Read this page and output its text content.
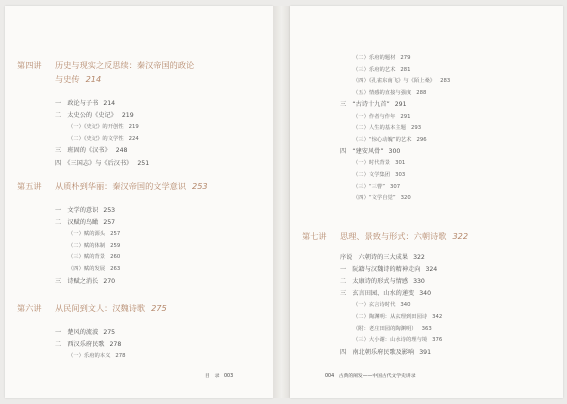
第四讲 历史与现实之反思续：秦汉帝国的政论
与史传 214
一　政论与子书 214
二　太史公的《史记》 219
（一）《史记》的开创性 219
（二）《史记》的文学性 224
三　班固的《汉书》 248
四　《三国志》与《后汉书》 251
第五讲 从质朴到华丽：秦汉帝国的文学意识 253
一　文学的意识 253
二　汉赋的鸟瞰 257
（一）赋的源头 257
（二）赋的体制 259
（三）赋的背景 260
（四）赋的发展 263
三　诗赋之消长 270
第六讲 从民间到文人：汉魏诗歌 275
一　楚风的流波 275
二　西汉乐府民歌 278
（一）乐府的本义 278
目　录 003
（二）乐府的题材 279
（三）乐府的艺术 281
（四）《孔雀东南飞》与《陌上桑》 283
（五）情感的直接与强度 288
三　“古诗十九首” 291
（一）作者与作年 291
（二）人生的基本主题 293
（三）“惊心动魄”的艺术 296
四　“建安风骨” 300
（一）时代背景 301
（二）文学集团 303
（三）“三曹” 307
（四）“文学自觉” 320
第七讲 思理、景致与形式：六朝诗歌 322
序说　六朝诗的三大成果 322
一　阮籍与汉魏诗的精神走向 324
二　太康诗的形式与情感 330
三　玄言田园、山水的递变 340
（一）玄言诗时代 340
（二）陶渊明：从玄理到田园诗 342
（附：老庄田园的陶渊明） 363
（三）大小谢：山水诗的理与境 376
四　南北朝乐府民歌及影响 391
004 古典的阐发——中国古代文学史讲录
